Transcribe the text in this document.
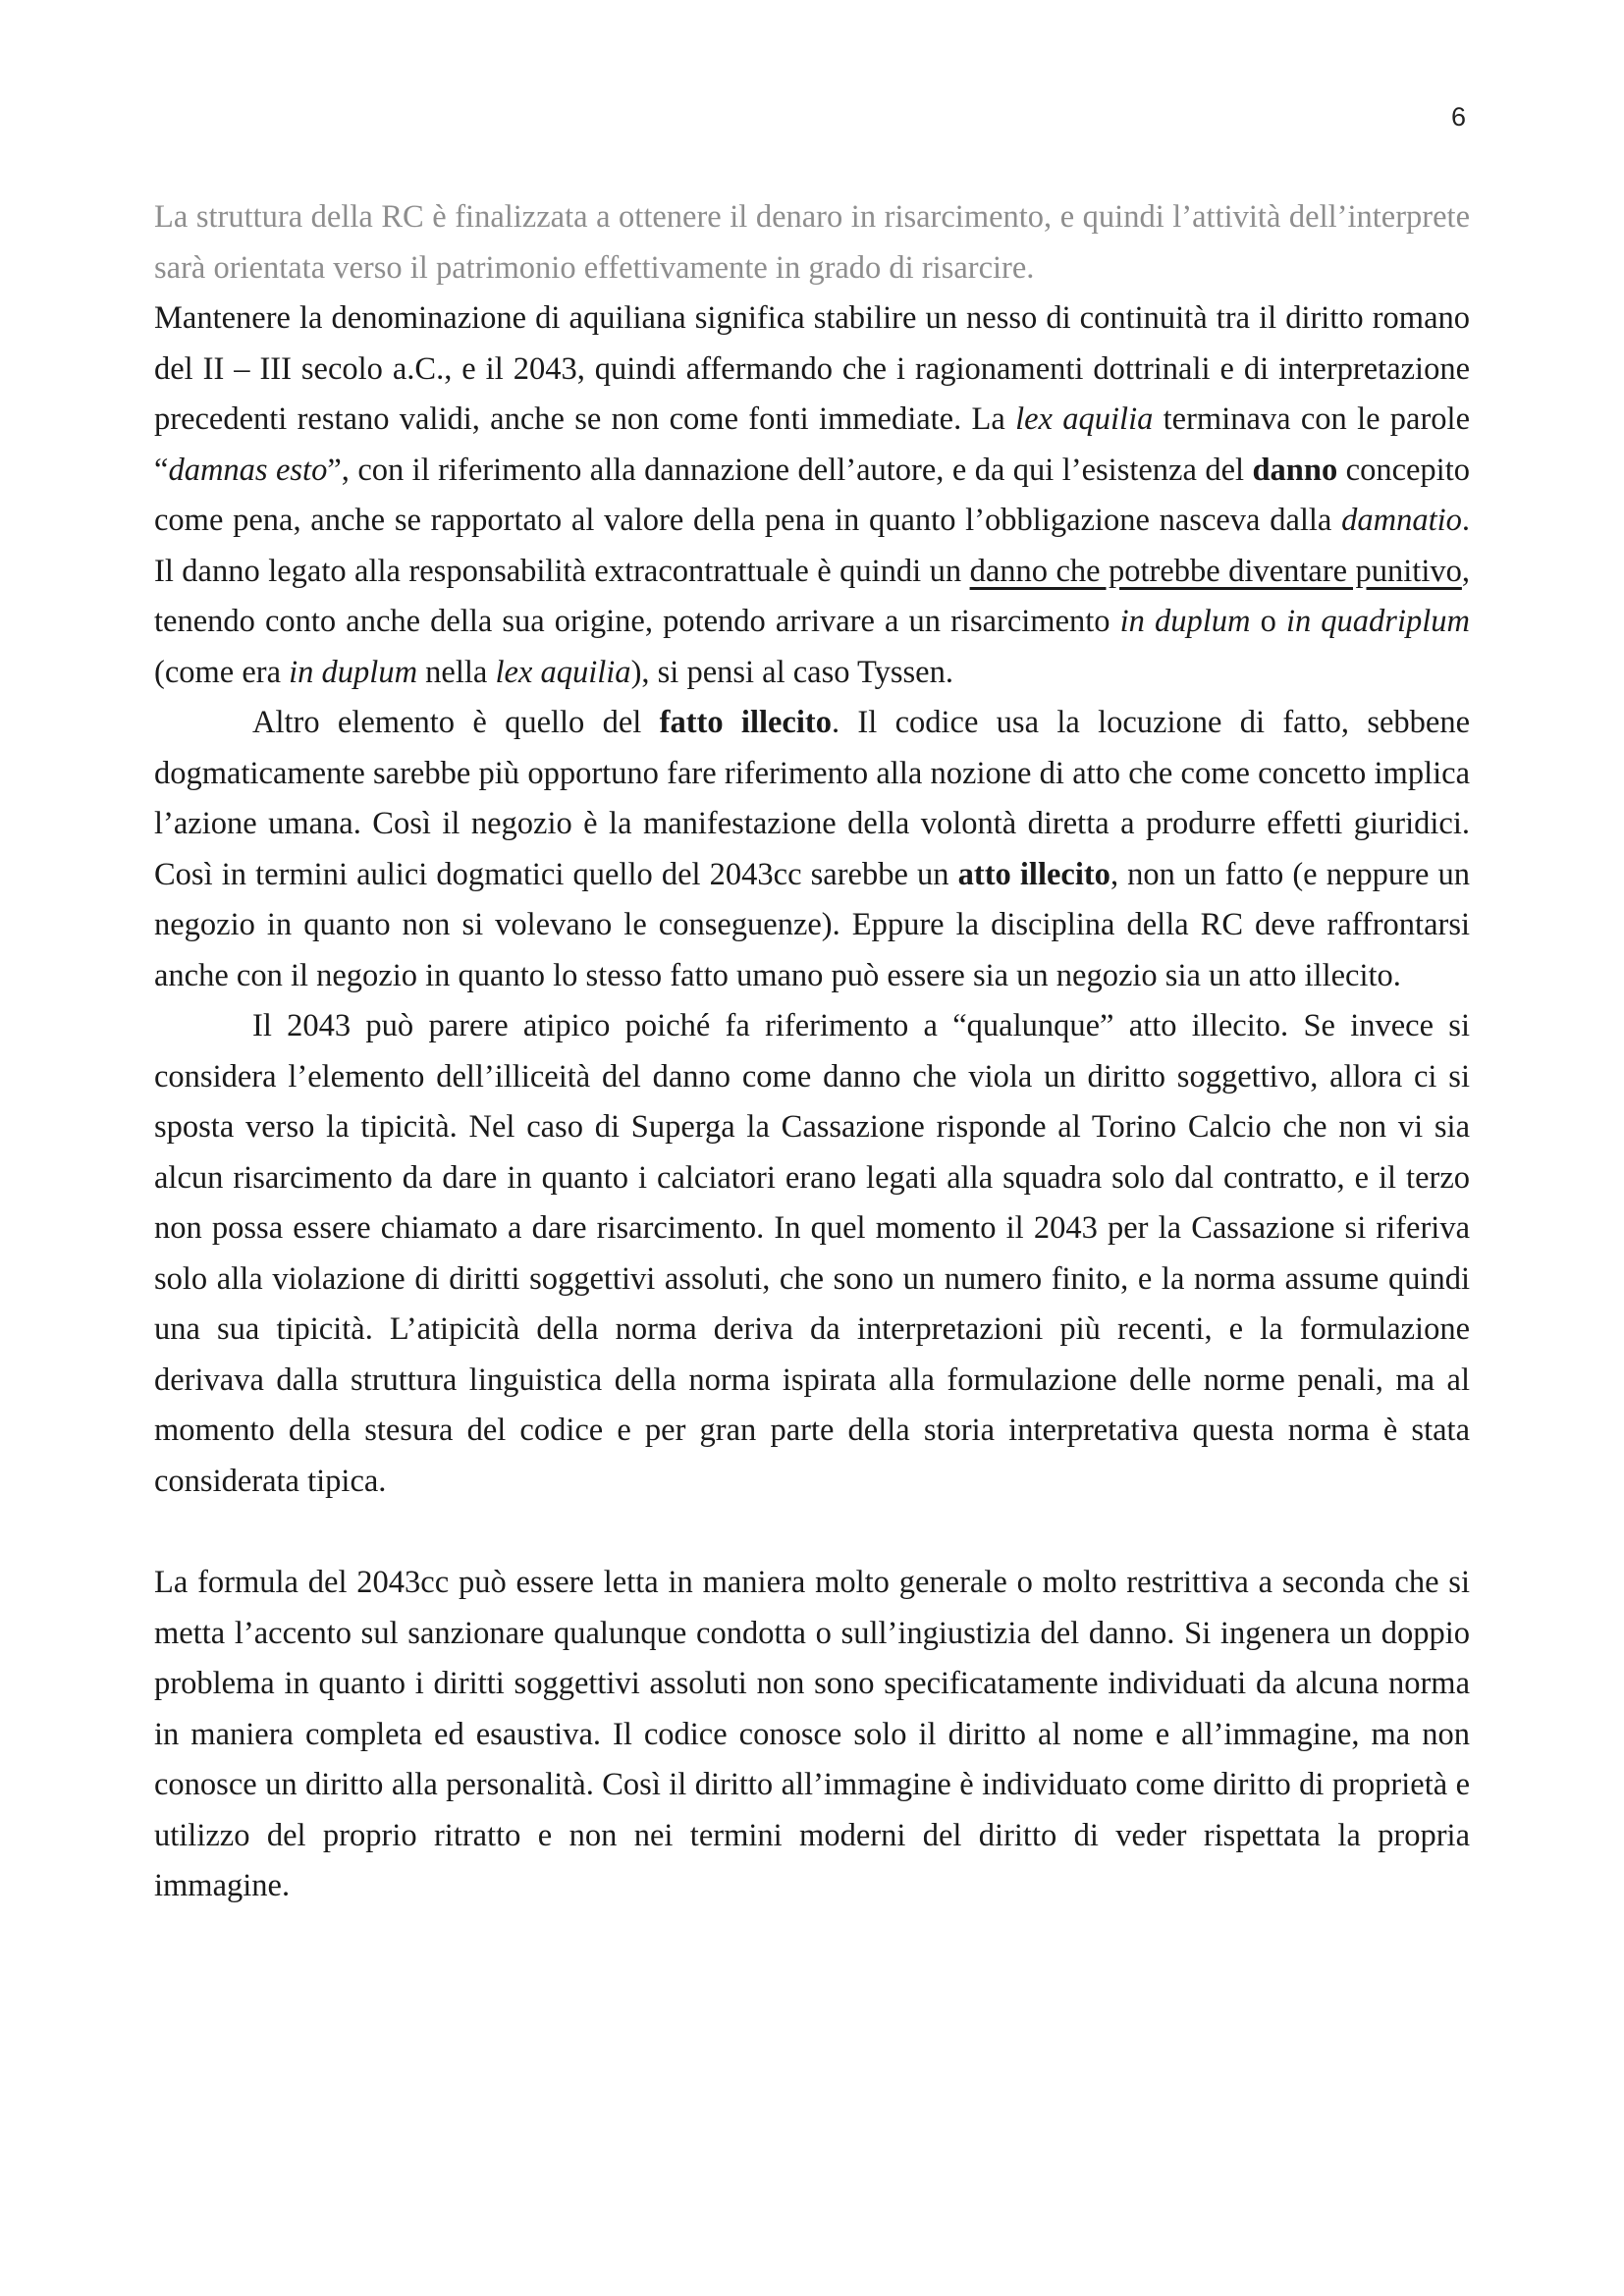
6

La struttura della RC è finalizzata a ottenere il denaro in risarcimento, e quindi l’attività dell’interprete sarà orientata verso il patrimonio effettivamente in grado di risarcire.

Mantenere la denominazione di aquiliana significa stabilire un nesso di continuità tra il diritto romano del II – III secolo a.C., e il 2043, quindi affermando che i ragionamenti dottrinali e di interpretazione precedenti restano validi, anche se non come fonti immediate. La lex aquilia terminava con le parole “damnas esto”, con il riferimento alla dannazione dell’autore, e da qui l’esistenza del danno concepito come pena, anche se rapportato al valore della pena in quanto l’obbligazione nasceva dalla damnatio. Il danno legato alla responsabilità extracontrattuale è quindi un danno che potrebbe diventare punitivo, tenendo conto anche della sua origine, potendo arrivare a un risarcimento in duplum o in quadriplum (come era in duplum nella lex aquilia), si pensi al caso Tyssen.

Altro elemento è quello del fatto illecito. Il codice usa la locuzione di fatto, sebbene dogmaticamente sarebbe più opportuno fare riferimento alla nozione di atto che come concetto implica l’azione umana. Così il negozio è la manifestazione della volontà diretta a produrre effetti giuridici. Così in termini aulici dogmatici quello del 2043cc sarebbe un atto illecito, non un fatto (e neppure un negozio in quanto non si volevano le conseguenze). Eppure la disciplina della RC deve raffrontarsi anche con il negozio in quanto lo stesso fatto umano può essere sia un negozio sia un atto illecito.

Il 2043 può parere atipico poiché fa riferimento a “qualunque” atto illecito. Se invece si considera l’elemento dell’illiceità del danno come danno che viola un diritto soggettivo, allora ci si sposta verso la tipicità. Nel caso di Superga la Cassazione risponde al Torino Calcio che non vi sia alcun risarcimento da dare in quanto i calciatori erano legati alla squadra solo dal contratto, e il terzo non possa essere chiamato a dare risarcimento. In quel momento il 2043 per la Cassazione si riferiva solo alla violazione di diritti soggettivi assoluti, che sono un numero finito, e la norma assume quindi una sua tipicità. L’atipicità della norma deriva da interpretazioni più recenti, e la formulazione derivava dalla struttura linguistica della norma ispirata alla formulazione delle norme penali, ma al momento della stesura del codice e per gran parte della storia interpretativa questa norma è stata considerata tipica.

La formula del 2043cc può essere letta in maniera molto generale o molto restrittiva a seconda che si metta l’accento sul sanzionare qualunque condotta o sull’ingiustizia del danno. Si ingenera un doppio problema in quanto i diritti soggettivi assoluti non sono specificatamente individuati da alcuna norma in maniera completa ed esaustiva. Il codice conosce solo il diritto al nome e all’immagine, ma non conosce un diritto alla personalità. Così il diritto all’immagine è individuato come diritto di proprietà e utilizzo del proprio ritratto e non nei termini moderni del diritto di veder rispettata la propria immagine.
